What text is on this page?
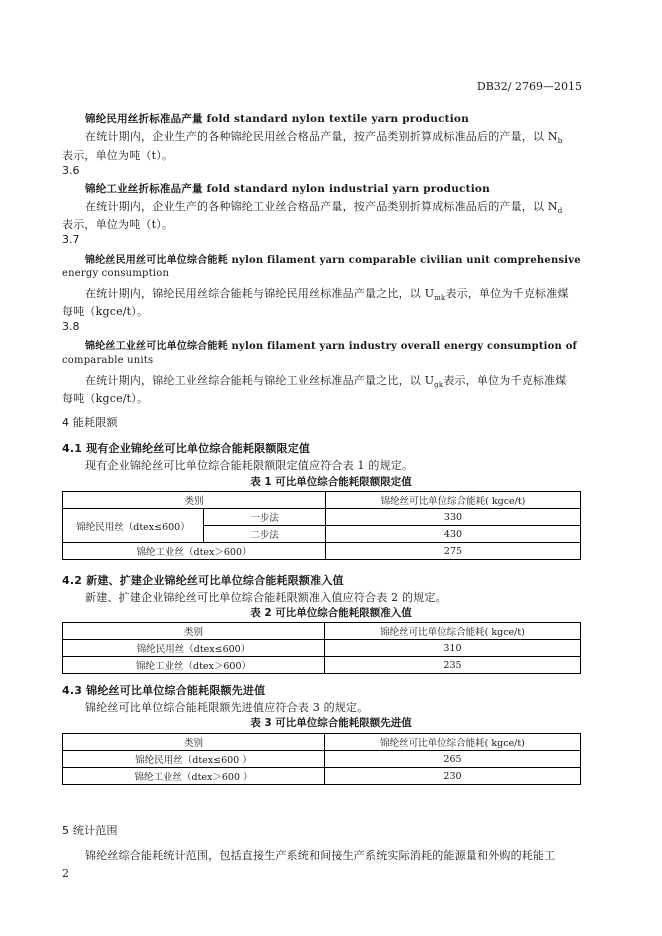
DB32/ 2769—2015
锦纶民用丝折标准品产量 fold standard nylon textile yarn production
在统计期内，企业生产的各种锦纶民用丝合格品产量，按产品类别折算成标准品后的产量，以 $N_b$
表示，单位为吨（t）。
3.6
锦纶工业丝折标准品产量 fold standard nylon industrial yarn production
在统计期内，企业生产的各种锦纶工业丝合格品产量，按产品类别折算成标准品后的产量，以 $N_d$
表示，单位为吨（t）。
3.7
锦纶丝民用丝可比单位综合能耗 nylon filament yarn comparable civilian unit comprehensive
energy consumption
在统计期内，锦纶民用丝综合能耗与锦纶民用丝标准品产量之比，以 $U_{mk}$表示，单位为千克标准煤
每吨（kgce/t）。
3.8
锦纶丝工业丝可比单位综合能耗 nylon filament yarn industry overall energy consumption of
comparable units
在统计期内，锦纶工业丝综合能耗与锦纶工业丝标准品产量之比，以 $U_{gk}$表示，单位为千克标准煤
每吨（kgce/t）。
4 能耗限额
4.1 现有企业锦纶丝可比单位综合能耗限额限定值
现有企业锦纶丝可比单位综合能耗限额限定值应符合表 1 的规定。
表 1 可比单位综合能耗限额限定值
类别		锦纶丝可比单位综合能耗( kgce/t)
锦纶民用丝（dtex≤600）	一步法	330
	二步法	430
锦纶工业丝（dtex＞600）		275
4.2 新建、扩建企业锦纶丝可比单位综合能耗限额准入值
新建、扩建企业锦纶丝可比单位综合能耗限额准入值应符合表 2 的规定。
表 2 可比单位综合能耗限额准入值
类别	锦纶丝可比单位综合能耗( kgce/t)
锦纶民用丝（dtex≤600）	310
锦纶工业丝（dtex＞600）	235
4.3 锦纶丝可比单位综合能耗限额先进值
锦纶丝可比单位综合能耗限额先进值应符合表 3 的规定。
表 3 可比单位综合能耗限额先进值
类别	锦纶丝可比单位综合能耗( kgce/t)
锦纶民用丝（dtex≤600 ）	265
锦纶工业丝（dtex＞600 ）	230
5 统计范围
锦纶丝综合能耗统计范围，包括直接生产系统和间接生产系统实际消耗的能源量和外购的耗能工
2
